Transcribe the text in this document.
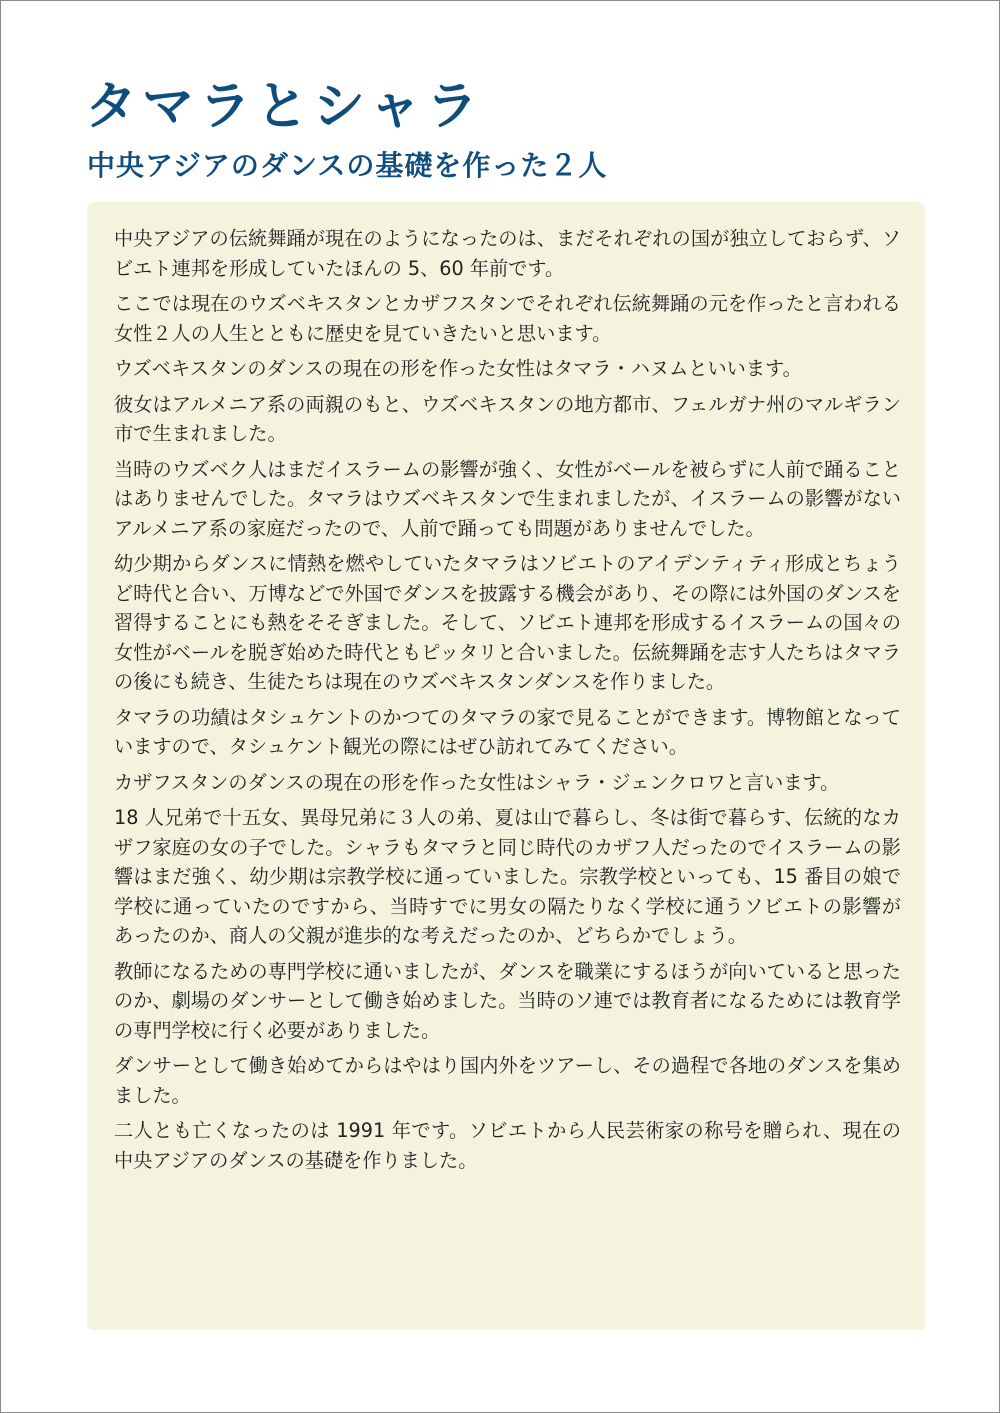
タマラとシャラ
中央アジアのダンスの基礎を作った２人

中央アジアの伝統舞踊が現在のようになったのは、まだそれぞれの国が独立しておらず、ソビエト連邦を形成していたほんの 5、60 年前です。

ここでは現在のウズベキスタンとカザフスタンでそれぞれ伝統舞踊の元を作ったと言われる女性２人の人生とともに歴史を見ていきたいと思います。

ウズベキスタンのダンスの現在の形を作った女性はタマラ・ハヌムといいます。

彼女はアルメニア系の両親のもと、ウズベキスタンの地方都市、フェルガナ州のマルギラン市で生まれました。

当時のウズベク人はまだイスラームの影響が強く、女性がベールを被らずに人前で踊ることはありませんでした。タマラはウズベキスタンで生まれましたが、イスラームの影響がないアルメニア系の家庭だったので、人前で踊っても問題がありませんでした。

幼少期からダンスに情熱を燃やしていたタマラはソビエトのアイデンティティ形成とちょうど時代と合い、万博などで外国でダンスを披露する機会があり、その際には外国のダンスを習得することにも熱をそそぎました。そして、ソビエト連邦を形成するイスラームの国々の女性がベールを脱ぎ始めた時代ともピッタリと合いました。伝統舞踊を志す人たちはタマラの後にも続き、生徒たちは現在のウズベキスタンダンスを作りました。

タマラの功績はタシュケントのかつてのタマラの家で見ることができます。博物館となっていますので、タシュケント観光の際にはぜひ訪れてみてください。

カザフスタンのダンスの現在の形を作った女性はシャラ・ジェンクロワと言います。

18 人兄弟で十五女、異母兄弟に３人の弟、夏は山で暮らし、冬は街で暮らす、伝統的なカザフ家庭の女の子でした。シャラもタマラと同じ時代のカザフ人だったのでイスラームの影響はまだ強く、幼少期は宗教学校に通っていました。宗教学校といっても、15 番目の娘で学校に通っていたのですから、当時すでに男女の隔たりなく学校に通うソビエトの影響があったのか、商人の父親が進歩的な考えだったのか、どちらかでしょう。

教師になるための専門学校に通いましたが、ダンスを職業にするほうが向いていると思ったのか、劇場のダンサーとして働き始めました。当時のソ連では教育者になるためには教育学の専門学校に行く必要がありました。

ダンサーとして働き始めてからはやはり国内外をツアーし、その過程で各地のダンスを集めました。

二人とも亡くなったのは 1991 年です。ソビエトから人民芸術家の称号を贈られ、現在の中央アジアのダンスの基礎を作りました。
